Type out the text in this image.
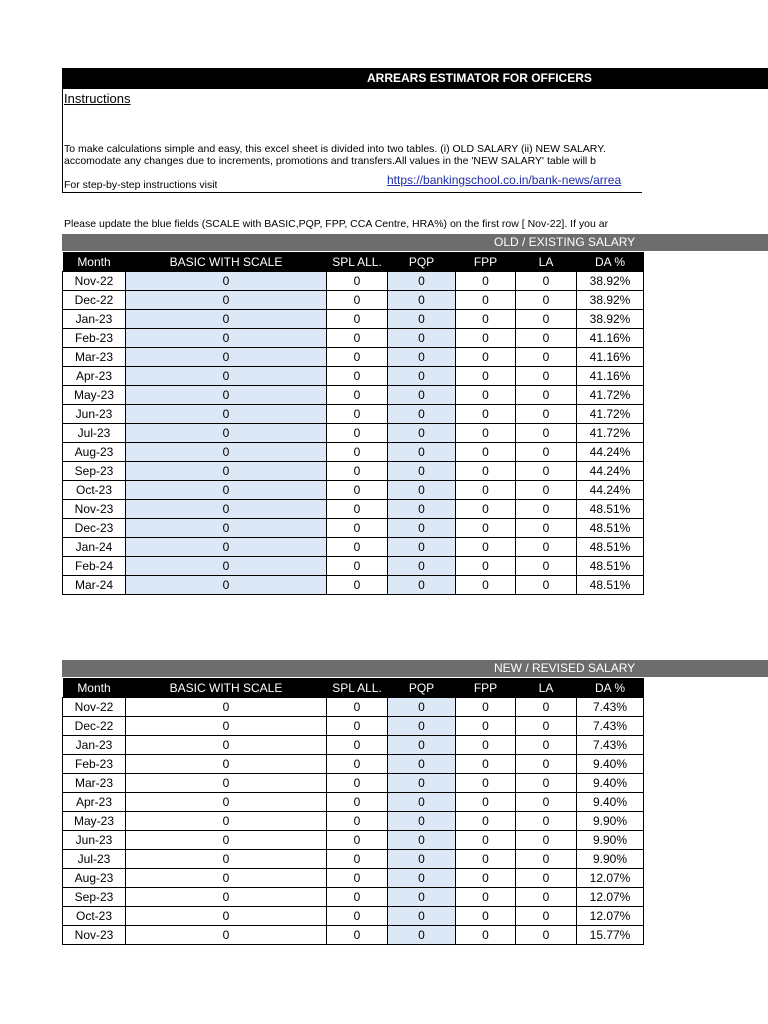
ARREARS ESTIMATOR FOR OFFICERS
Instructions
To make calculations simple and easy, this excel sheet is divided into two tables. (i) OLD SALARY (ii) NEW SALARY.
accomodate any changes due to increments, promotions and transfers.All values in the 'NEW SALARY' table will b
For step-by-step instructions visit	https://bankingschool.co.in/bank-news/arrea
Please update the blue fields (SCALE with BASIC,PQP, FPP, CCA Centre, HRA%) on the first row [ Nov-22]. If you ar
OLD / EXISTING SALARY
Month	BASIC WITH SCALE	SPL ALL.	PQP	FPP	LA	DA %
Nov-22	0	0	0	0	0	38.92%
Dec-22	0	0	0	0	0	38.92%
Jan-23	0	0	0	0	0	38.92%
Feb-23	0	0	0	0	0	41.16%
Mar-23	0	0	0	0	0	41.16%
Apr-23	0	0	0	0	0	41.16%
May-23	0	0	0	0	0	41.72%
Jun-23	0	0	0	0	0	41.72%
Jul-23	0	0	0	0	0	41.72%
Aug-23	0	0	0	0	0	44.24%
Sep-23	0	0	0	0	0	44.24%
Oct-23	0	0	0	0	0	44.24%
Nov-23	0	0	0	0	0	48.51%
Dec-23	0	0	0	0	0	48.51%
Jan-24	0	0	0	0	0	48.51%
Feb-24	0	0	0	0	0	48.51%
Mar-24	0	0	0	0	0	48.51%
NEW / REVISED SALARY
Month	BASIC WITH SCALE	SPL ALL.	PQP	FPP	LA	DA %
Nov-22	0	0	0	0	0	7.43%
Dec-22	0	0	0	0	0	7.43%
Jan-23	0	0	0	0	0	7.43%
Feb-23	0	0	0	0	0	9.40%
Mar-23	0	0	0	0	0	9.40%
Apr-23	0	0	0	0	0	9.40%
May-23	0	0	0	0	0	9.90%
Jun-23	0	0	0	0	0	9.90%
Jul-23	0	0	0	0	0	9.90%
Aug-23	0	0	0	0	0	12.07%
Sep-23	0	0	0	0	0	12.07%
Oct-23	0	0	0	0	0	12.07%
Nov-23	0	0	0	0	0	15.77%
